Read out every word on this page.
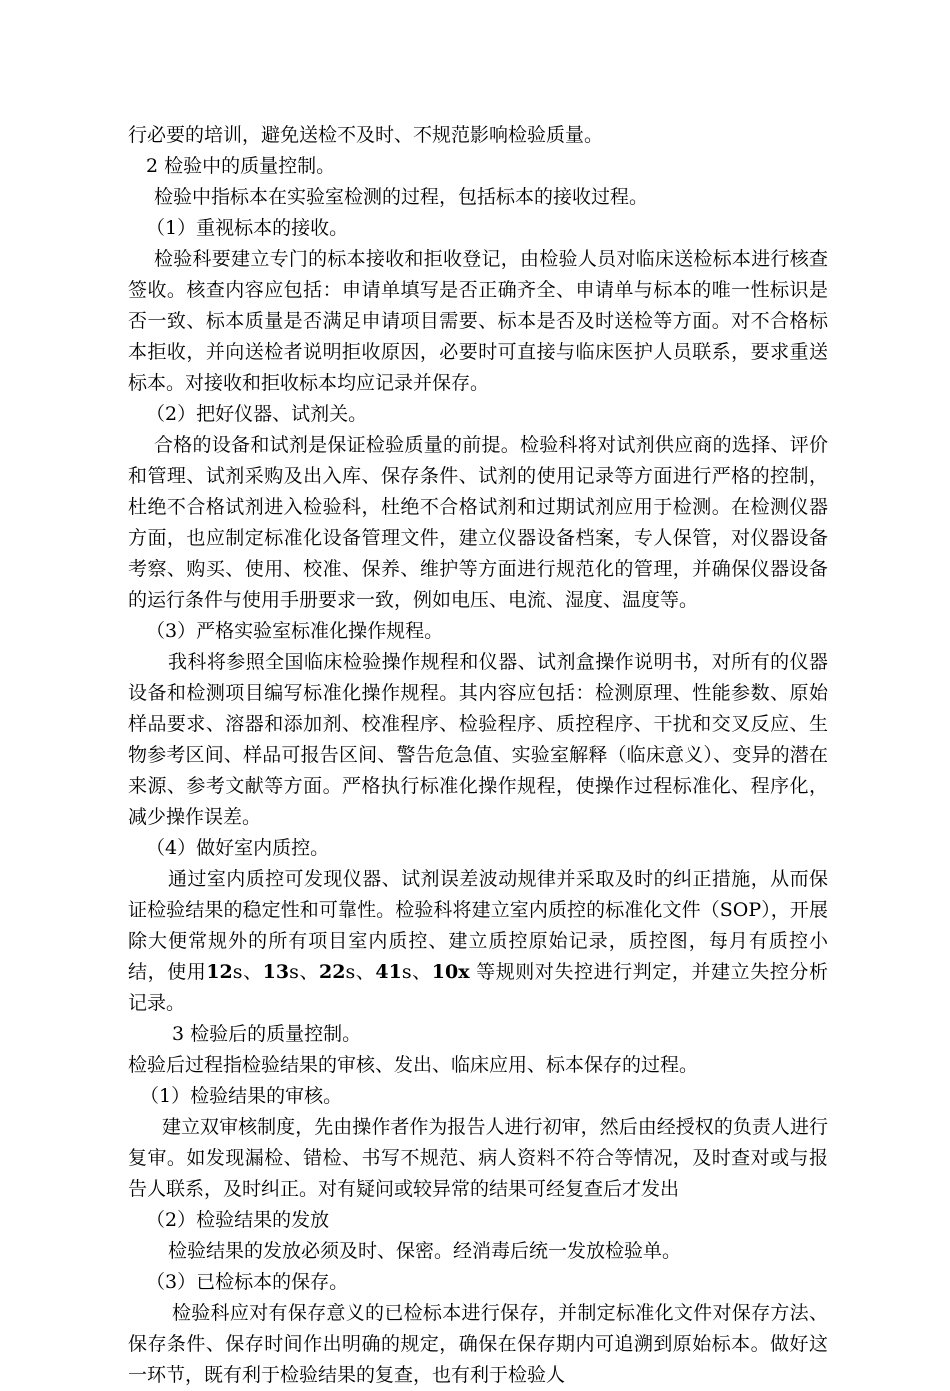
行必要的培训，避免送检不及时、不规范影响检验质量。

2 检验中的质量控制。

检验中指标本在实验室检测的过程，包括标本的接收过程。

（1）重视标本的接收。

检验科要建立专门的标本接收和拒收登记，由检验人员对临床送检标本进行核查签收。核查内容应包括：申请单填写是否正确齐全、申请单与标本的唯一性标识是否一致、标本质量是否满足申请项目需要、标本是否及时送检等方面。对不合格标本拒收，并向送检者说明拒收原因，必要时可直接与临床医护人员联系，要求重送标本。对接收和拒收标本均应记录并保存。

（2）把好仪器、试剂关。

合格的设备和试剂是保证检验质量的前提。检验科将对试剂供应商的选择、评价和管理、试剂采购及出入库、保存条件、试剂的使用记录等方面进行严格的控制，杜绝不合格试剂进入检验科，杜绝不合格试剂和过期试剂应用于检测。在检测仪器方面，也应制定标准化设备管理文件，建立仪器设备档案，专人保管，对仪器设备考察、购买、使用、校准、保养、维护等方面进行规范化的管理，并确保仪器设备的运行条件与使用手册要求一致，例如电压、电流、湿度、温度等。

（3）严格实验室标准化操作规程。

我科将参照全国临床检验操作规程和仪器、试剂盒操作说明书，对所有的仪器设备和检测项目编写标准化操作规程。其内容应包括：检测原理、性能参数、原始样品要求、溶器和添加剂、校准程序、检验程序、质控程序、干扰和交叉反应、生物参考区间、样品可报告区间、警告危急值、实验室解释（临床意义）、变异的潜在来源、参考文献等方面。严格执行标准化操作规程，使操作过程标准化、程序化，减少操作误差。

（4）做好室内质控。

通过室内质控可发现仪器、试剂误差波动规律并采取及时的纠正措施，从而保证检验结果的稳定性和可靠性。检验科将建立室内质控的标准化文件（SOP），开展除大便常规外的所有项目室内质控、建立质控原始记录，质控图，每月有质控小结，使用12s、13s、22s、41s、10x 等规则对失控进行判定，并建立失控分析记录。

3 检验后的质量控制。

检验后过程指检验结果的审核、发出、临床应用、标本保存的过程。

（1）检验结果的审核。

建立双审核制度，先由操作者作为报告人进行初审，然后由经授权的负责人进行复审。如发现漏检、错检、书写不规范、病人资料不符合等情况，及时查对或与报告人联系，及时纠正。对有疑问或较异常的结果可经复查后才发出

（2）检验结果的发放

检验结果的发放必须及时、保密。经消毒后统一发放检验单。

（3）已检标本的保存。

检验科应对有保存意义的已检标本进行保存，并制定标准化文件对保存方法、保存条件、保存时间作出明确的规定，确保在保存期内可追溯到原始标本。做好这一环节，既有利于检验结果的复查，也有利于检验人
